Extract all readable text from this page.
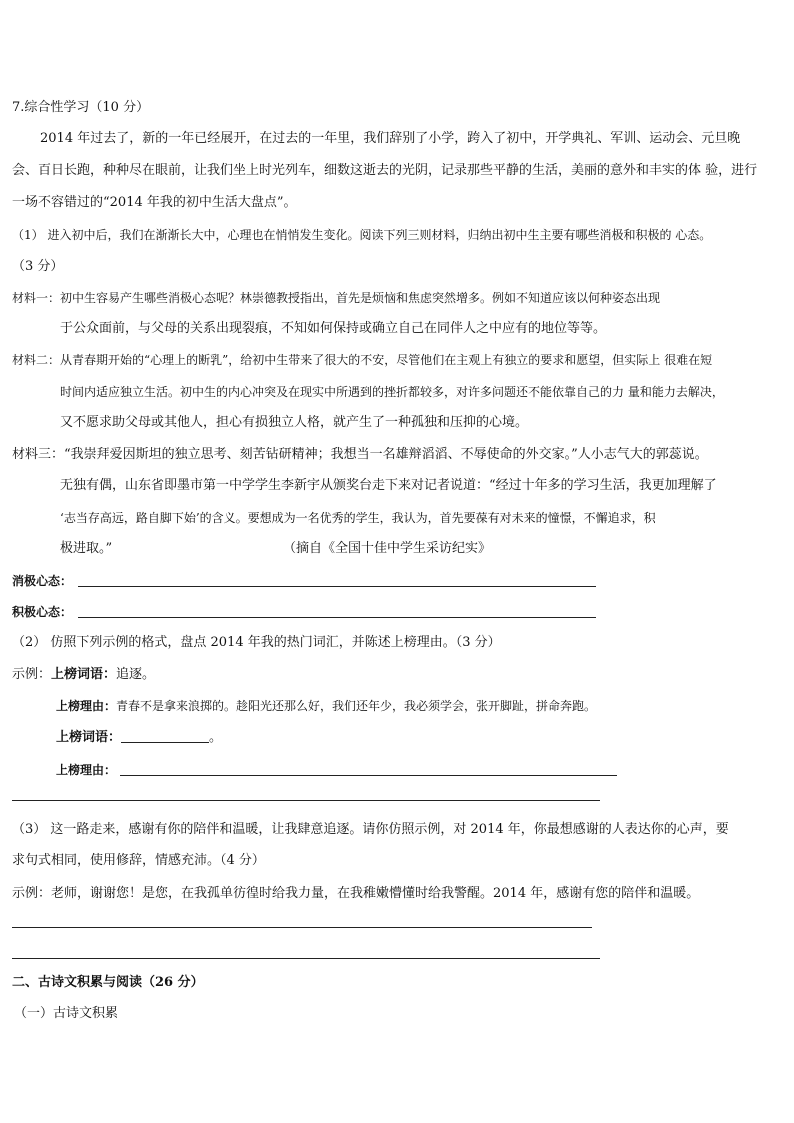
7.综合性学习（10 分）
2014 年过去了，新的一年已经展开，在过去的一年里，我们辞别了小学，跨入了初中，开学典礼、军训、运动会、元旦晚
会、百日长跑，种种尽在眼前，让我们坐上时光列车，细数这逝去的光阴，记录那些平静的生活，美丽的意外和丰实的体 验，进行
一场不容错过的“2014 年我的初中生活大盘点”。
（1） 进入初中后，我们在渐渐长大中，心理也在悄悄发生变化。阅读下列三则材料，归纳出初中生主要有哪些消极和积极的 心态。
（3 分）
材料一：初中生容易产生哪些消极心态呢？林崇德教授指出，首先是烦恼和焦虑突然增多。例如不知道应该以何种姿态出现
于公众面前，与父母的关系出现裂痕，不知如何保持或确立自己在同伴人之中应有的地位等等。
材料二：从青春期开始的“心理上的断乳”，给初中生带来了很大的不安，尽管他们在主观上有独立的要求和愿望，但实际上 很难在短
时间内适应独立生活。初中生的内心冲突及在现实中所遇到的挫折都较多，对许多问题还不能依靠自己的力 量和能力去解决，
又不愿求助父母或其他人，担心有损独立人格，就产生了一种孤独和压抑的心境。
材料三：“我崇拜爱因斯坦的独立思考、刻苦钻研精神；我想当一名雄辩滔滔、不辱使命的外交家。”人小志气大的郭蕊说。
无独有偶，山东省即墨市第一中学学生李新宇从颁奖台走下来对记者说道：“经过十年多的学习生活，我更加理解了
‘志当存高远，路自脚下始’的含义。要想成为一名优秀的学生，我认为，首先要葆有对未来的憧憬，不懈追求，积
极进取。”	（摘自《全国十佳中学生采访纪实》
消极心态：
积极心态：
（2） 仿照下列示例的格式，盘点 2014 年我的热门词汇，并陈述上榜理由。（3 分）
示例：上榜词语：追逐。
上榜理由：青春不是拿来浪掷的。趁阳光还那么好，我们还年少，我必须学会，张开脚趾，拼命奔跑。
上榜词语：	。
上榜理由：
（3） 这一路走来，感谢有你的陪伴和温暖，让我肆意追逐。请你仿照示例，对 2014 年，你最想感谢的人表达你的心声，要
求句式相同，使用修辞，情感充沛。（4 分）
示例：老师，谢谢您！是您，在我孤单彷徨时给我力量，在我稚嫩懵懂时给我警醒。2014 年，感谢有您的陪伴和温暖。
二、古诗文积累与阅读（26 分）
（一）古诗文积累
